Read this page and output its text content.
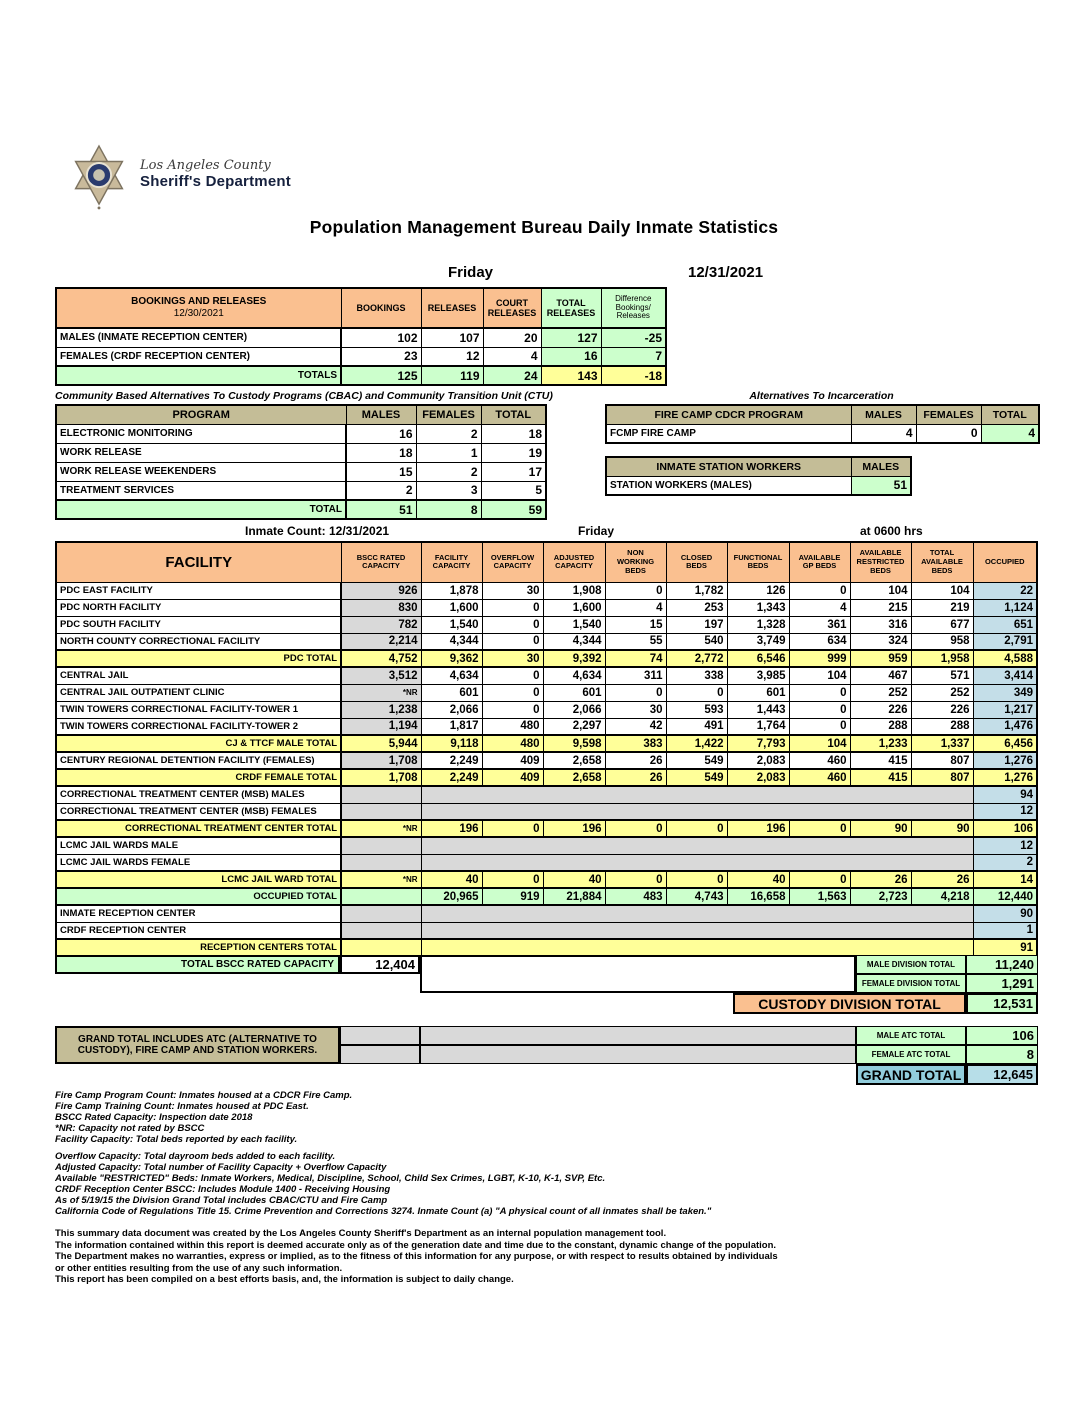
Los Angeles County
Sheriff's Department
Population Management Bureau Daily Inmate Statistics
Friday	12/31/2021
BOOKINGS AND RELEASES
12/30/2021	BOOKINGS	RELEASES	COURT RELEASES	TOTAL RELEASES	Difference Bookings/ Releases
MALES (INMATE RECEPTION CENTER)	102	107	20	127	-25
FEMALES (CRDF RECEPTION CENTER)	23	12	4	16	7
TOTALS	125	119	24	143	-18
Community Based Alternatives To Custody Programs (CBAC) and Community Transition Unit (CTU)
PROGRAM	MALES	FEMALES	TOTAL
ELECTRONIC MONITORING	16	2	18
WORK RELEASE	18	1	19
WORK RELEASE WEEKENDERS	15	2	17
TREATMENT SERVICES	2	3	5
TOTAL	51	8	59
Alternatives To Incarceration
FIRE CAMP CDCR PROGRAM	MALES	FEMALES	TOTAL
FCMP FIRE CAMP	4	0	4
INMATE STATION WORKERS	MALES
STATION WORKERS (MALES)	51
Inmate Count: 12/31/2021	Friday	at 0600 hrs
FACILITY	BSCC RATED CAPACITY	FACILITY CAPACITY	OVERFLOW CAPACITY	ADJUSTED CAPACITY	NON WORKING BEDS	CLOSED BEDS	FUNCTIONAL BEDS	AVAILABLE GP BEDS	AVAILABLE RESTRICTED BEDS	TOTAL AVAILABLE BEDS	OCCUPIED
PDC EAST FACILITY	926	1,878	30	1,908	0	1,782	126	0	104	104	22
PDC NORTH FACILITY	830	1,600	0	1,600	4	253	1,343	4	215	219	1,124
PDC SOUTH FACILITY	782	1,540	0	1,540	15	197	1,328	361	316	677	651
NORTH COUNTY CORRECTIONAL FACILITY	2,214	4,344	0	4,344	55	540	3,749	634	324	958	2,791
PDC TOTAL	4,752	9,362	30	9,392	74	2,772	6,546	999	959	1,958	4,588
CENTRAL JAIL	3,512	4,634	0	4,634	311	338	3,985	104	467	571	3,414
CENTRAL JAIL OUTPATIENT CLINIC	*NR	601	0	601	0	0	601	0	252	252	349
TWIN TOWERS CORRECTIONAL FACILITY-TOWER 1	1,238	2,066	0	2,066	30	593	1,443	0	226	226	1,217
TWIN TOWERS CORRECTIONAL FACILITY-TOWER 2	1,194	1,817	480	2,297	42	491	1,764	0	288	288	1,476
CJ & TTCF MALE TOTAL	5,944	9,118	480	9,598	383	1,422	7,793	104	1,233	1,337	6,456
CENTURY REGIONAL DETENTION FACILITY (FEMALES)	1,708	2,249	409	2,658	26	549	2,083	460	415	807	1,276
CRDF FEMALE TOTAL	1,708	2,249	409	2,658	26	549	2,083	460	415	807	1,276
CORRECTIONAL TREATMENT CENTER (MSB) MALES											94
CORRECTIONAL TREATMENT CENTER (MSB) FEMALES											12
CORRECTIONAL TREATMENT CENTER TOTAL	*NR	196	0	196	0	0	196	0	90	90	106
LCMC JAIL WARDS MALE											12
LCMC JAIL WARDS FEMALE											2
LCMC JAIL WARD TOTAL	*NR	40	0	40	0	0	40	0	26	26	14
OCCUPIED TOTAL		20,965	919	21,884	483	4,743	16,658	1,563	2,723	4,218	12,440
INMATE RECEPTION CENTER											90
CRDF RECEPTION CENTER											1
RECEPTION CENTERS TOTAL											91
TOTAL BSCC RATED CAPACITY	12,404	MALE DIVISION TOTAL	11,240
FEMALE DIVISION TOTAL	1,291
CUSTODY DIVISION TOTAL	12,531
GRAND TOTAL INCLUDES ATC (ALTERNATIVE TO CUSTODY), FIRE CAMP AND STATION WORKERS.
MALE ATC TOTAL	106
FEMALE ATC TOTAL	8
GRAND TOTAL	12,645
Fire Camp Program Count: Inmates housed at a CDCR Fire Camp.
Fire Camp Training Count: Inmates housed at PDC East.
BSCC Rated Capacity: Inspection date 2018
*NR: Capacity not rated by BSCC
Facility Capacity: Total beds reported by each facility.
Overflow Capacity: Total dayroom beds added to each facility.
Adjusted Capacity: Total number of Facility Capacity + Overflow Capacity
Available "RESTRICTED" Beds: Inmate Workers, Medical, Discipline, School, Child Sex Crimes, LGBT, K-10, K-1, SVP, Etc.
CRDF Reception Center BSCC: Includes Module 1400 - Receiving Housing
As of 5/19/15 the Division Grand Total includes CBAC/CTU and Fire Camp
California Code of Regulations Title 15. Crime Prevention and Corrections 3274. Inmate Count (a) "A physical count of all inmates shall be taken."
This summary data document was created by the Los Angeles County Sheriff's Department as an internal population management tool.
The information contained within this report is deemed accurate only as of the generation date and time due to the constant, dynamic change of the population.
The Department makes no warranties, express or implied, as to the fitness of this information for any purpose, or with respect to results obtained by individuals
or other entities resulting from the use of any such information.
This report has been compiled on a best efforts basis, and, the information is subject to daily change.
